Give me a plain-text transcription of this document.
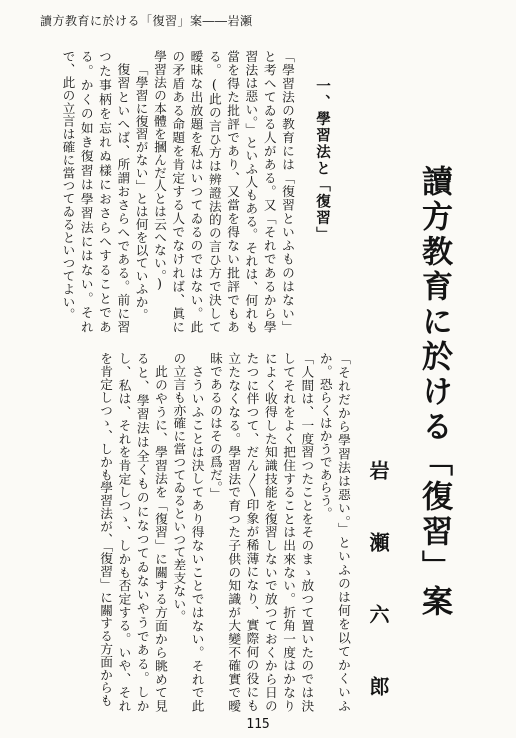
讀方教育に於ける「復習」案――岩瀬

「學習法の教育には「復習といふものはない」と考へてゐる人がある。又「それであるから學習法は惡い。」といふ人もある。それは、何れも當を得た批評であり、又當を得ない批評でもある。(此の言ひ方は辨證法的の言ひ方で決して曖昧な出放題を私はいつてゐるのではない。此の矛盾ある命題を肯定する人でなければ、眞に學習法の本體を摑んだ人とは云へない。)

「學習に復習がない」とは何を以ていふか。

復習といへば、所謂おさらへである。前に習つた事柄を忘れぬ樣におさらへすることである。かくの如き復習は學習法にはない。それで、此の立言は確に當つてゐるといつてよい。	一、學習法と「復習」
讀方教育に於ける「復習」案

「それだから學習法は惡い。」といふのは何を以てかくいふか。恐らくはかうであらう。

「人間は、一度習つたことをそのまゝ放つて置いたのでは決してそれをよく把住することは出來ない。折角一度はかなりによく收得した知識技能を復習しないで放つておくから日のたつに伴つて、だん〳〵印象が稀薄になり、實際何の役にも立たなくなる。學習法で育つた子供の知識が大變不確實で曖昧であるのはその爲だ。」

さういふことは決してあり得ないことではない。それで此の立言も亦確に當つてゐるといつて差支ない。

此のやうに、學習法を「復習」に關する方面から眺めて見ると、學習法は全くものになつてゐないやうである。しかし、私は、それを肯定しつゝ、しかも否定する。いや、それを肯定しつゝ、しかも學習法が、「復習」に關する方面からも	岩　瀬　六　郎
115
